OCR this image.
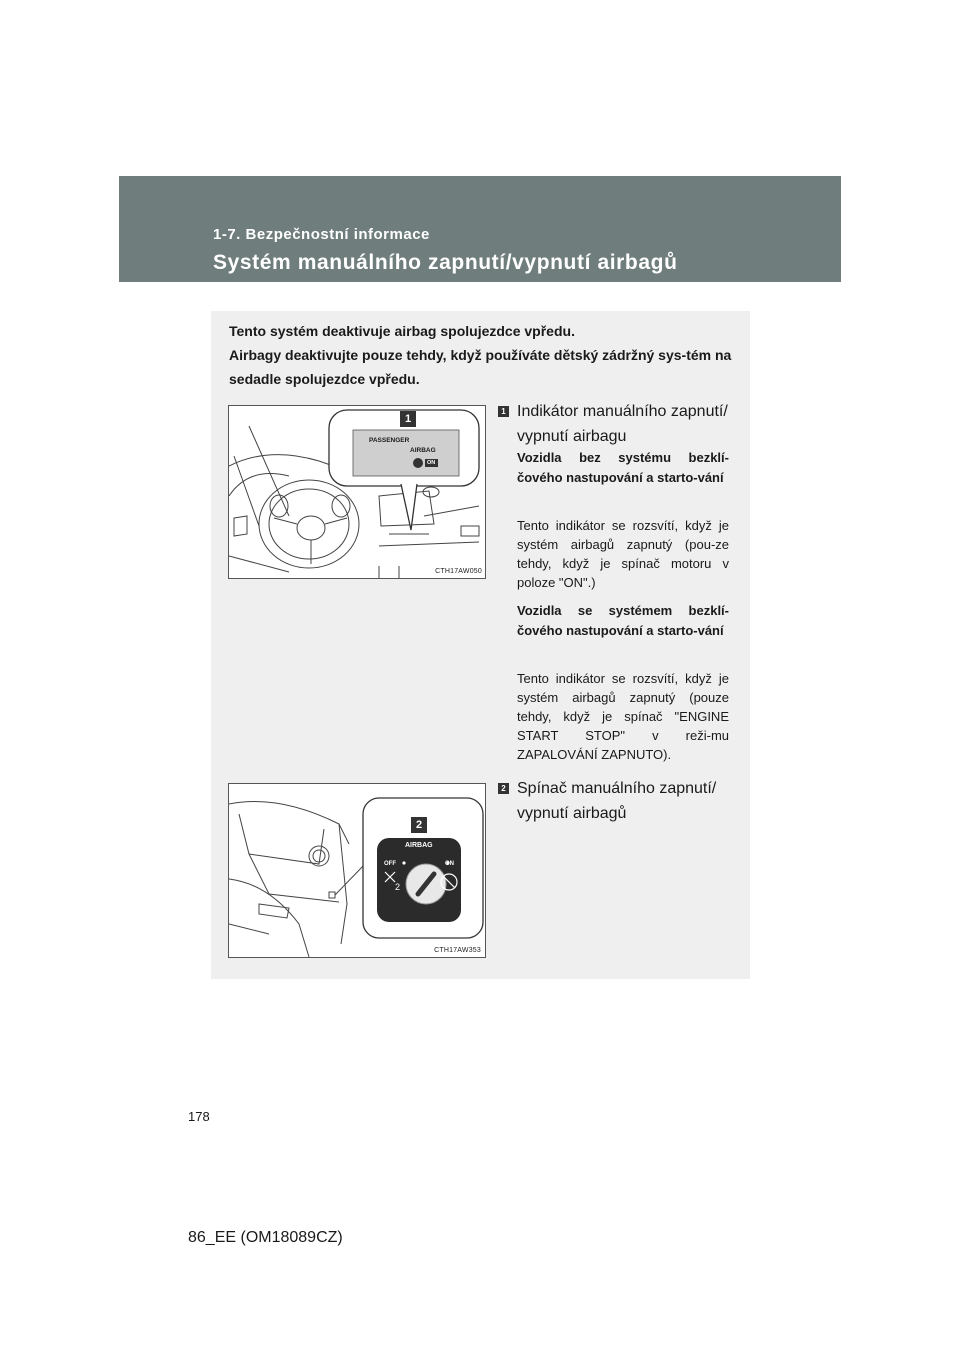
1-7. Bezpečnostní informace
Systém manuálního zapnutí/vypnutí airbagů

Tento systém deaktivuje airbag spolujezdce vpředu.

Airbagy deaktivujte pouze tehdy, když používáte dětský zádržný sys-tém na sedadle spolujezdce vpředu.

1
PASSENGER
AIRBAG
ON
CTH17AW050
2
AIRBAG
OFF	ON
2
CTH17AW353
1 Indikátor manuálního zapnutí/ vypnutí airbagu
Vozidla bez systému bezklí-čového nastupování a starto-vání
Tento indikátor se rozsvítí, když je systém airbagů zapnutý (pou-ze tehdy, když je spínač motoru v poloze "ON".)
Vozidla se systémem bezklí-čového nastupování a starto-vání
Tento indikátor se rozsvítí, když je systém airbagů zapnutý (pouze tehdy, když je spínač "ENGINE START STOP" v reži-mu ZAPALOVÁNÍ ZAPNUTO).
2 Spínač manuálního zapnutí/ vypnutí airbagů
178
86_EE (OM18089CZ)
